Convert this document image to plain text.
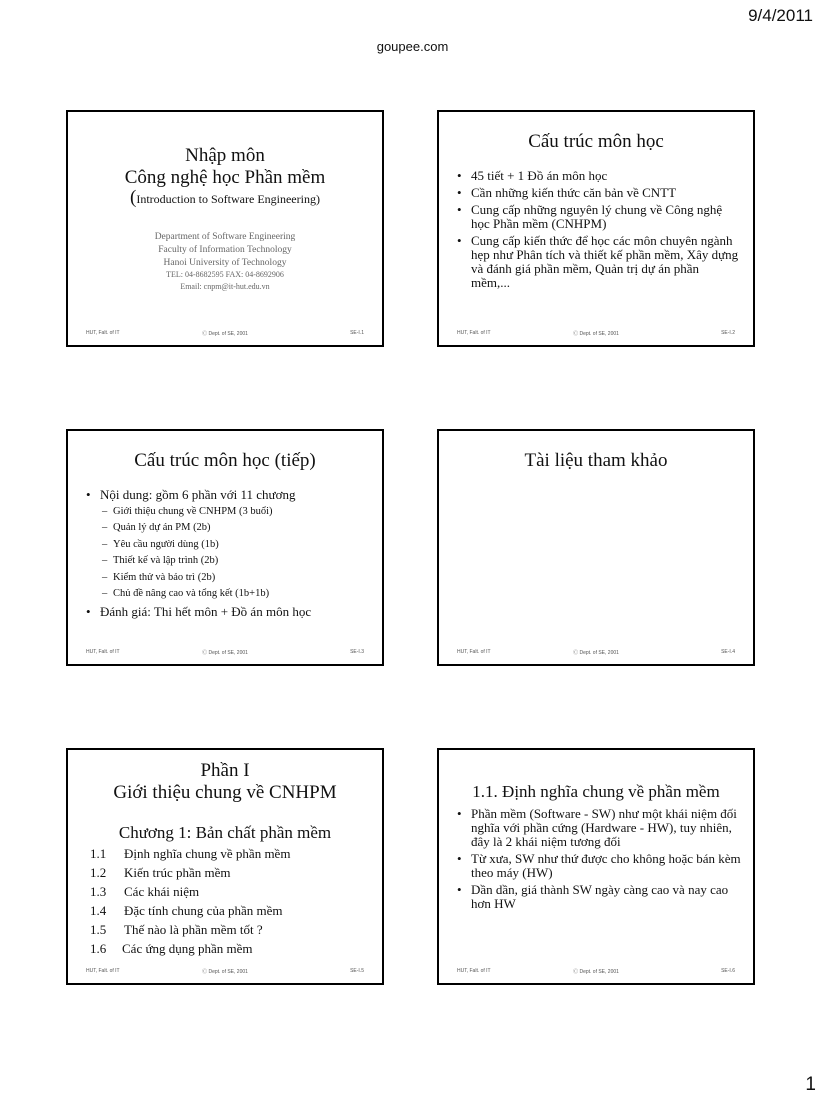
9/4/2011
goupee.com
Nhập môn
Công nghệ học Phần mềm
(Introduction to Software Engineering)
Department of Software Engineering
Faculty of Information Technology
Hanoi University of Technology
TEL: 04-8682595 FAX: 04-8692906
Email: cnpm@it-hut.edu.vn
HUT, Falt. of IT	Ⓒ Dept. of SE, 2001	SE-I.1
Cấu trúc môn học
• 45 tiết + 1 Đồ án môn học
• Cần những kiến thức căn bản về CNTT
• Cung cấp những nguyên lý chung về Công nghệ học Phần mềm (CNHPM)
• Cung cấp kiến thức để học các môn chuyên ngành hẹp như Phân tích và thiết kế phần mềm, Xây dựng và đánh giá phần mềm, Quản trị dự án phần mềm,...
HUT, Falt. of IT	Ⓒ Dept. of SE, 2001	SE-I.2
Cấu trúc môn học (tiếp)
• Nội dung: gồm 6 phần với 11 chương
– Giới thiệu chung về CNHPM (3 buổi)
– Quản lý dự án PM (2b)
– Yêu cầu người dùng (1b)
– Thiết kế và lập trình (2b)
– Kiểm thử và bảo trì (2b)
– Chủ đề nâng cao và tổng kết (1b+1b)
• Đánh giá: Thi hết môn + Đồ án môn học
HUT, Falt. of IT	Ⓒ Dept. of SE, 2001	SE-I.3
Tài liệu tham khảo
HUT, Falt. of IT	Ⓒ Dept. of SE, 2001	SE-I.4
Phần I
Giới thiệu chung về CNHPM
Chương 1: Bản chất phần mềm
1.1 Định nghĩa chung về phần mềm
1.2 Kiến trúc phần mềm
1.3 Các khái niệm
1.4 Đặc tính chung của phần mềm
1.5 Thế nào là phần mềm tốt ?
1.6 Các ứng dụng phần mềm
HUT, Falt. of IT	Ⓒ Dept. of SE, 2001	SE-I.5
1.1. Định nghĩa chung về phần mềm
• Phần mềm (Software - SW) như một khái niệm đối nghĩa với phần cứng (Hardware - HW), tuy nhiên, đây là 2 khái niệm tương đối
• Từ xưa, SW như thứ được cho không hoặc bán kèm theo máy (HW)
• Dần dần, giá thành SW ngày càng cao và nay cao hơn HW
HUT, Falt. of IT	Ⓒ Dept. of SE, 2001	SE-I.6
1
